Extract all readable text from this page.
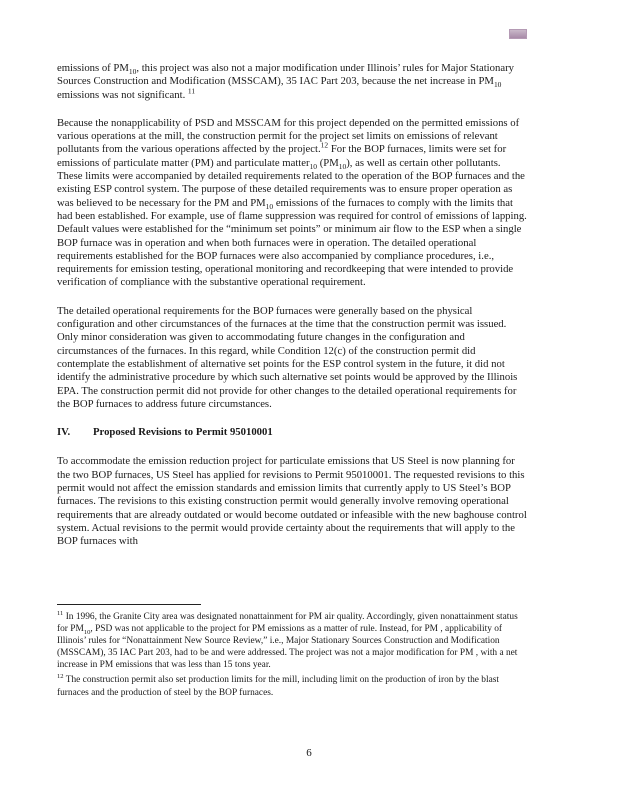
emissions of $PM_{10}$, this project was also not a major modification under Illinois’ rules for Major Stationary Sources Construction and Modification (MSSCAM), 35 IAC Part 203, because the net increase in $PM_{10}$ emissions was not significant. $^{11}$

Because the nonapplicability of PSD and MSSCAM for this project depended on the permitted emissions of various operations at the mill, the construction permit for the project set limits on emissions of relevant pollutants from the various operations affected by the project.$^{12}$ For the BOP furnaces, limits were set for emissions of particulate matter (PM) and particulate matter$_{10}$ $(PM_{10})$, as well as certain other pollutants. These limits were accompanied by detailed requirements related to the operation of the BOP furnaces and the existing ESP control system. The purpose of these detailed requirements was to ensure proper operation as was believed to be necessary for the PM and $PM_{10}$ emissions of the furnaces to comply with the limits that had been established. For example, use of flame suppression was required for control of emissions of lapping. Default values were established for the “minimum set points” or minimum air flow to the ESP when a single BOP furnace was in operation and when both furnaces were in operation. The detailed operational requirements established for the BOP furnaces were also accompanied by compliance procedures, i.e., requirements for emission testing, operational monitoring and recordkeeping that were intended to provide verification of compliance with the substantive operational requirement.

The detailed operational requirements for the BOP furnaces were generally based on the physical configuration and other circumstances of the furnaces at the time that the construction permit was issued. Only minor consideration was given to accommodating future changes in the configuration and circumstances of the furnaces. In this regard, while Condition 12(c) of the construction permit did contemplate the establishment of alternative set points for the ESP control system in the future, it did not identify the administrative procedure by which such alternative set points would be approved by the Illinois EPA. The construction permit did not provide for other changes to the detailed operational requirements for the BOP furnaces to address future circumstances.

IV.	Proposed Revisions to Permit 95010001

To accommodate the emission reduction project for particulate emissions that US Steel is now planning for the two BOP furnaces, US Steel has applied for revisions to Permit 95010001. The requested revisions to this permit would not affect the emission standards and emission limits that currently apply to US Steel’s BOP furnaces. The revisions to this existing construction permit would generally involve removing operational requirements that are already outdated or would become outdated or infeasible with the new baghouse control system. Actual revisions to the permit would provide certainty about the requirements that will apply to the BOP furnaces with

$^{11}$ In 1996, the Granite City area was designated nonattainment for PM air quality. Accordingly, given nonattainment status for $PM_{10}$, PSD was not applicable to the project for PM emissions as a matter of rule. Instead, for PM , applicability of Illinois’ rules for “Nonattainment New Source Review,” i.e., Major Stationary Sources Construction and Modification (MSSCAM), 35 IAC Part 203, had to be and were addressed. The project was not a major modification for PM , with a net increase in PM emissions that was less than 15 tons year.

$^{12}$ The construction permit also set production limits for the mill, including limit on the production of iron by the blast furnaces and the production of steel by the BOP furnaces.

6
